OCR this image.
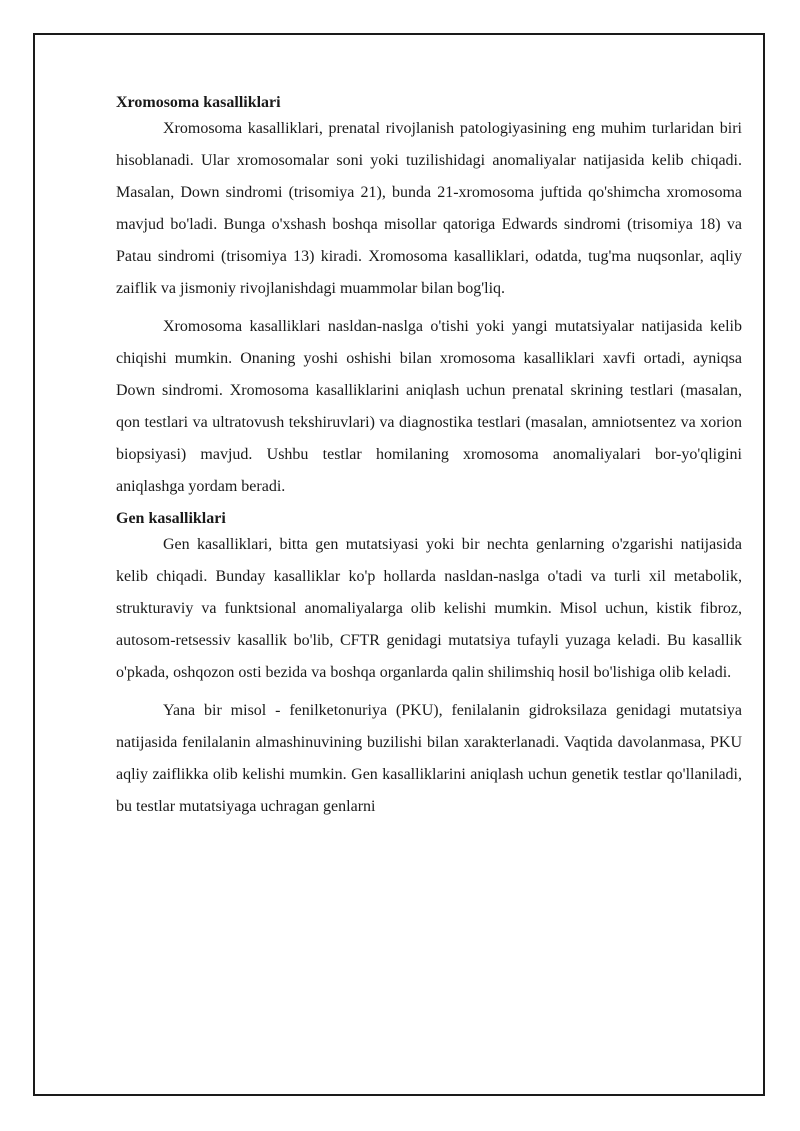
Xromosoma kasalliklari

Xromosoma kasalliklari, prenatal rivojlanish patologiyasining eng muhim turlaridan biri hisoblanadi. Ular xromosomalar soni yoki tuzilishidagi anomaliyalar natijasida kelib chiqadi. Masalan, Down sindromi (trisomiya 21), bunda 21-xromosoma juftida qo'shimcha xromosoma mavjud bo'ladi. Bunga o'xshash boshqa misollar qatoriga Edwards sindromi (trisomiya 18) va Patau sindromi (trisomiya 13) kiradi. Xromosoma kasalliklari, odatda, tug'ma nuqsonlar, aqliy zaiflik va jismoniy rivojlanishdagi muammolar bilan bog'liq.

Xromosoma kasalliklari nasldan-naslga o'tishi yoki yangi mutatsiyalar natijasida kelib chiqishi mumkin. Onaning yoshi oshishi bilan xromosoma kasalliklari xavfi ortadi, ayniqsa Down sindromi. Xromosoma kasalliklarini aniqlash uchun prenatal skrining testlari (masalan, qon testlari va ultratovush tekshiruvlari) va diagnostika testlari (masalan, amniotsentez va xorion biopsiyasi) mavjud. Ushbu testlar homilaning xromosoma anomaliyalari bor-yo'qligini aniqlashga yordam beradi.

Gen kasalliklari

Gen kasalliklari, bitta gen mutatsiyasi yoki bir nechta genlarning o'zgarishi natijasida kelib chiqadi. Bunday kasalliklar ko'p hollarda nasldan-naslga o'tadi va turli xil metabolik, strukturaviy va funktsional anomaliyalarga olib kelishi mumkin. Misol uchun, kistik fibroz, autosom-retsessiv kasallik bo'lib, CFTR genidagi mutatsiya tufayli yuzaga keladi. Bu kasallik o'pkada, oshqozon osti bezida va boshqa organlarda qalin shilimshiq hosil bo'lishiga olib keladi.

Yana bir misol - fenilketonuriya (PKU), fenilalanin gidroksilaza genidagi mutatsiya natijasida fenilalanin almashinuvining buzilishi bilan xarakterlanadi. Vaqtida davolanmasa, PKU aqliy zaiflikka olib kelishi mumkin. Gen kasalliklarini aniqlash uchun genetik testlar qo'llaniladi, bu testlar mutatsiyaga uchragan genlarni
